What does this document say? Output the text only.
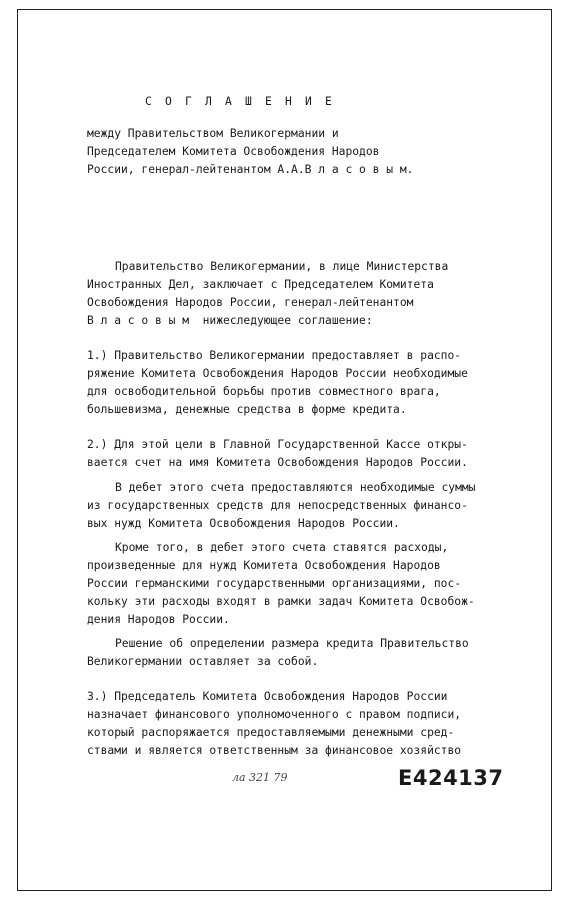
С О Г Л А Ш Е Н И Е
между Правительством Великогермании и
Председателем Комитета Освобождения Народов
России, генерал-лейтенантом А.А.В л а с о в ы м.
Правительство Великогермании, в лице Министерства
Иностранных Дел, заключает с Председателем Комитета
Освобождения Народов России, генерал-лейтенантом
В л а с о в ы м  нижеследующее соглашение:
1.) Правительство Великогермании предоставляет в распо-
ряжение Комитета Освобождения Народов России необходимые
для освободительной борьбы против совместного врага,
большевизма, денежные средства в форме кредита.
2.) Для этой цели в Главной Государственной Кассе откры-
вается счет на имя Комитета Освобождения Народов России.
В дебет этого счета предоставляются необходимые суммы
из государственных средств для непосредственных финансо-
вых нужд Комитета Освобождения Народов России.
Кроме того, в дебет этого счета ставятся расходы,
произведенные для нужд Комитета Освобождения Народов
России германскими государственными организациями, пос-
кольку эти расходы входят в рамки задач Комитета Освобож-
дения Народов России.
Решение об определении размера кредита Правительство
Великогермании оставляет за собой.
3.) Председатель Комитета Освобождения Народов России
назначает финансового уполномоченного с правом подписи,
который распоряжается предоставляемыми денежными сред-
ствами и является ответственным за финансовое хозяйство
ла 321 79	E424137
